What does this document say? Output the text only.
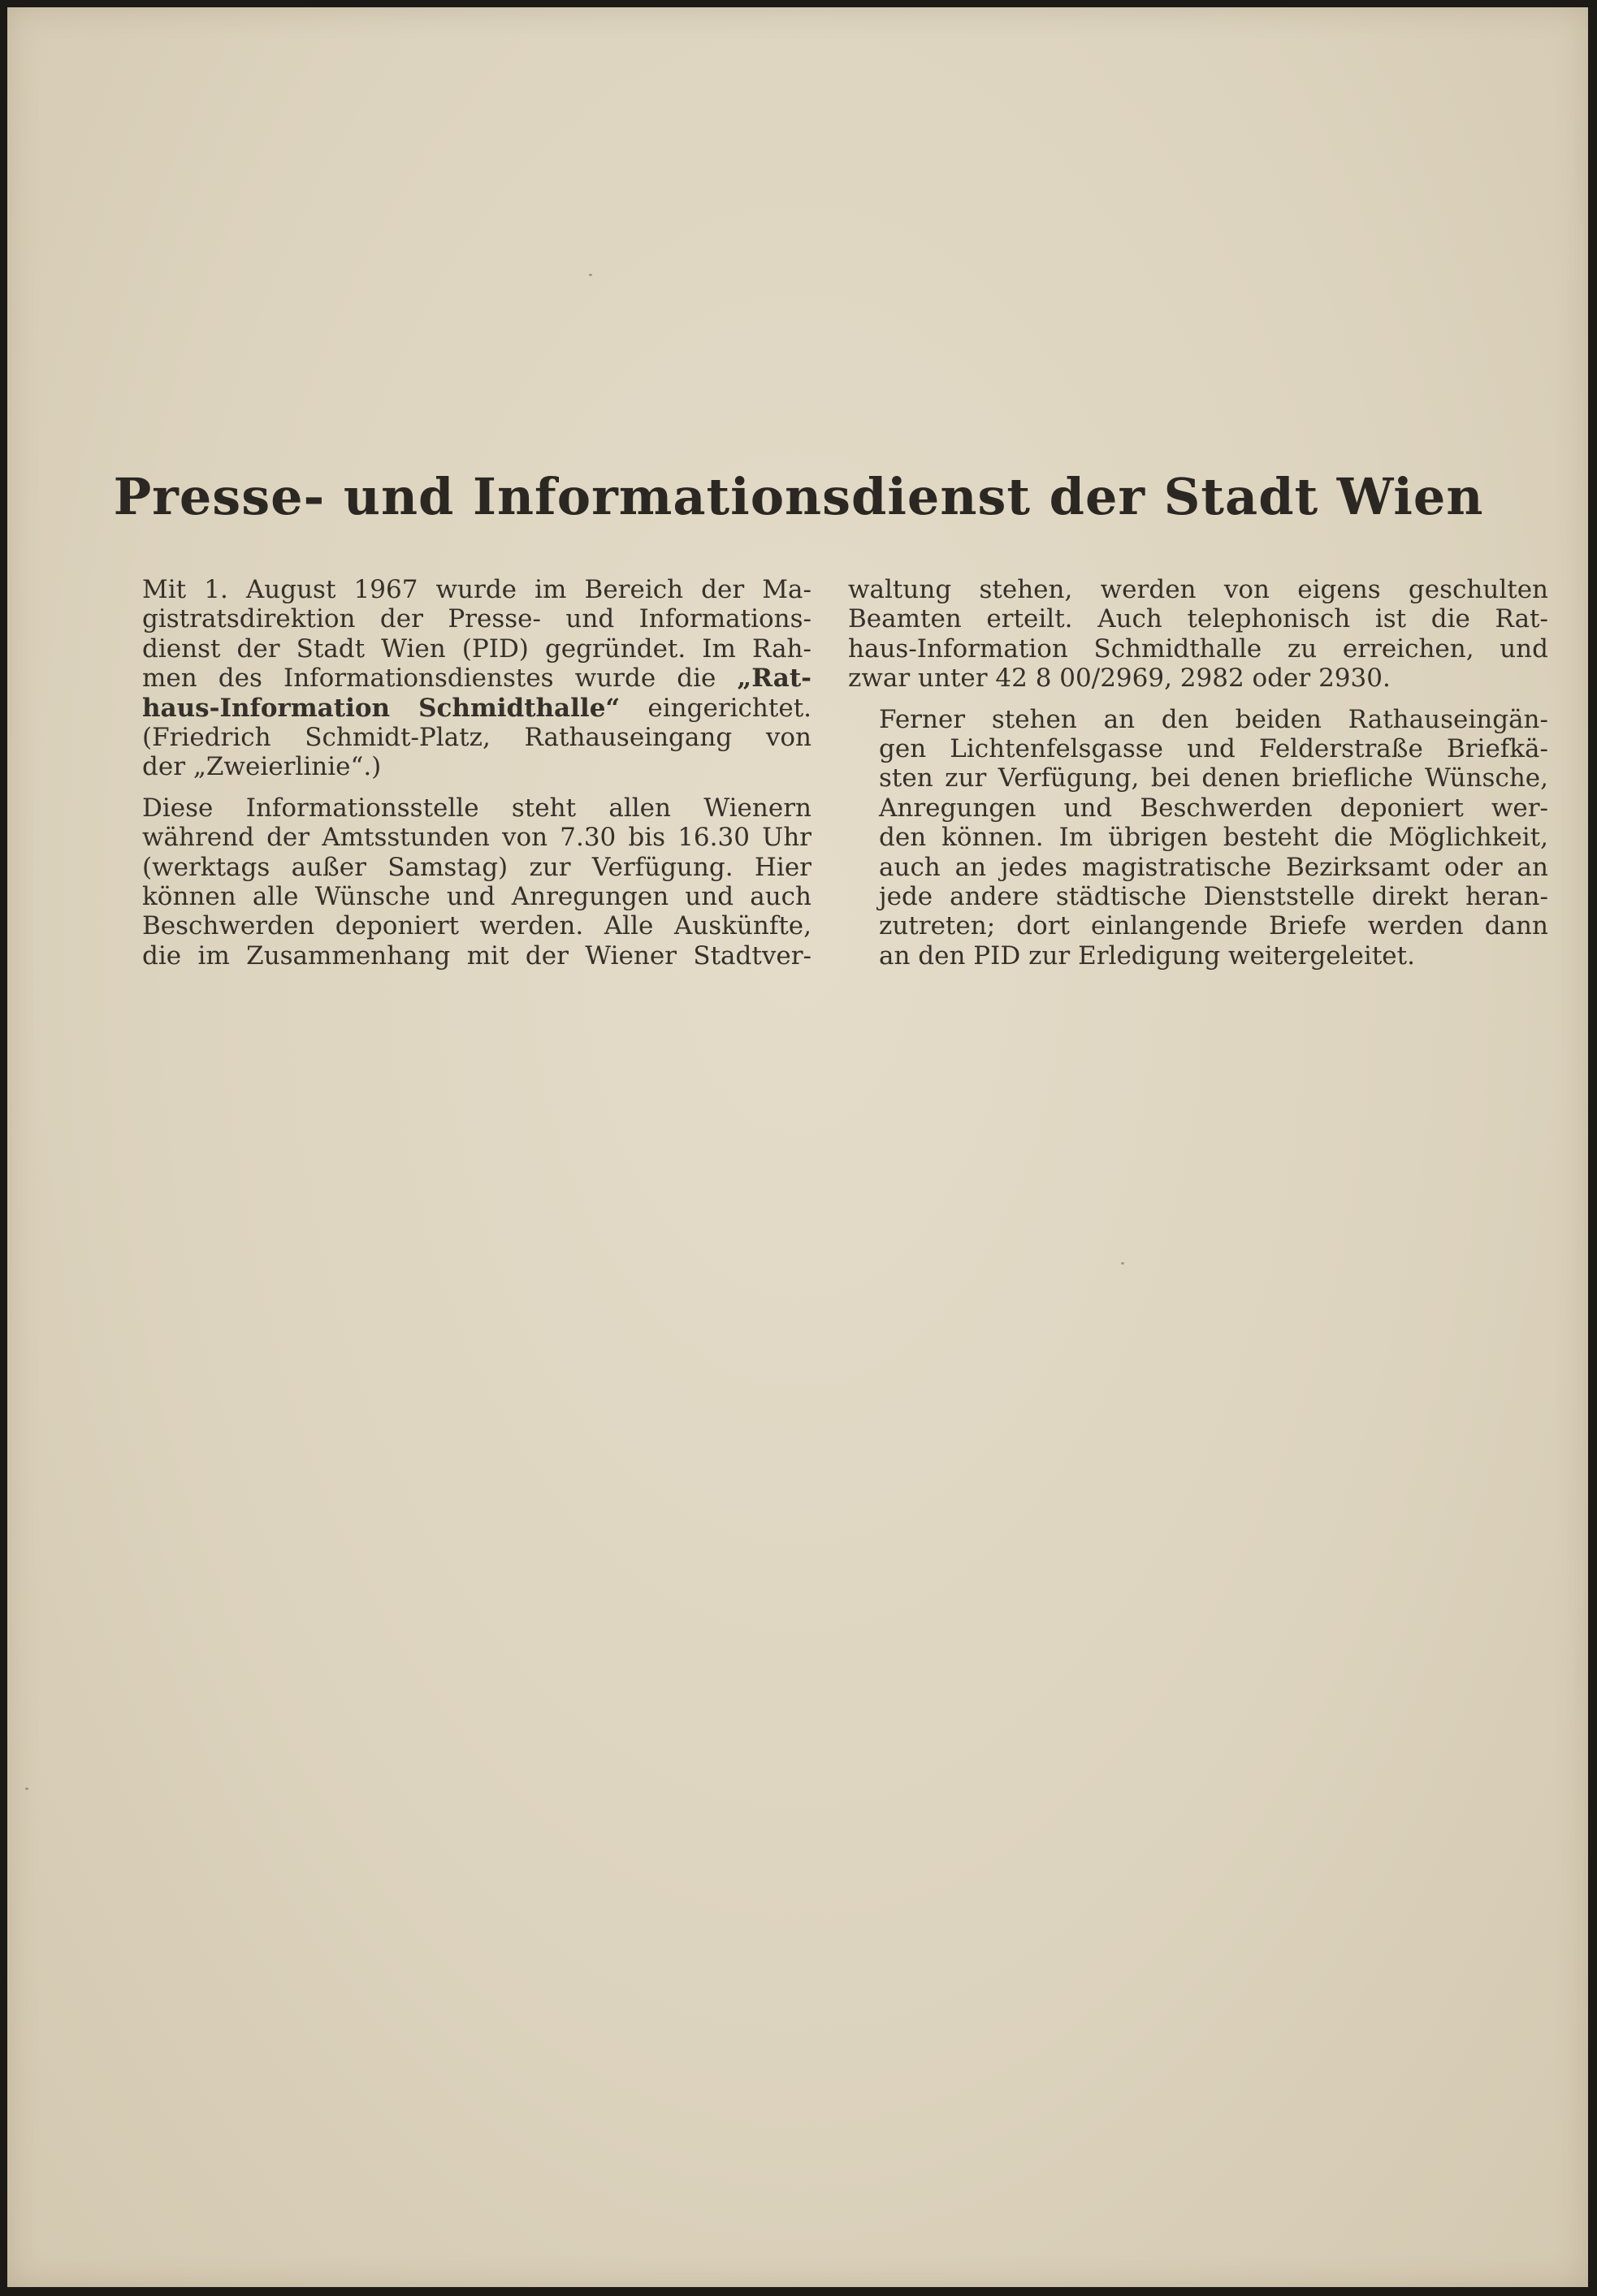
Presse- und Informationsdienst der Stadt Wien

Mit 1. August 1967 wurde im Bereich der Ma-
gistratsdirektion der Presse- und Informations-
dienst der Stadt Wien (PID) gegründet. Im Rah-
men des Informationsdienstes wurde die „Rat-
haus-Information Schmidthalle“ eingerichtet.
(Friedrich Schmidt-Platz, Rathauseingang von
der „Zweierlinie“.)

Diese Informationsstelle steht allen Wienern
während der Amtsstunden von 7.30 bis 16.30 Uhr
(werktags außer Samstag) zur Verfügung. Hier
können alle Wünsche und Anregungen und auch
Beschwerden deponiert werden. Alle Auskünfte,
die im Zusammenhang mit der Wiener Stadtver-

waltung stehen, werden von eigens geschulten
Beamten erteilt. Auch telephonisch ist die Rat-
haus-Information Schmidthalle zu erreichen, und
zwar unter 42 8 00/2969, 2982 oder 2930.

Ferner stehen an den beiden Rathauseingän-
gen Lichtenfelsgasse und Felderstraße Briefkä-
sten zur Verfügung, bei denen briefliche Wünsche,
Anregungen und Beschwerden deponiert wer-
den können. Im übrigen besteht die Möglichkeit,
auch an jedes magistratische Bezirksamt oder an
jede andere städtische Dienststelle direkt heran-
zutreten; dort einlangende Briefe werden dann
an den PID zur Erledigung weitergeleitet.
